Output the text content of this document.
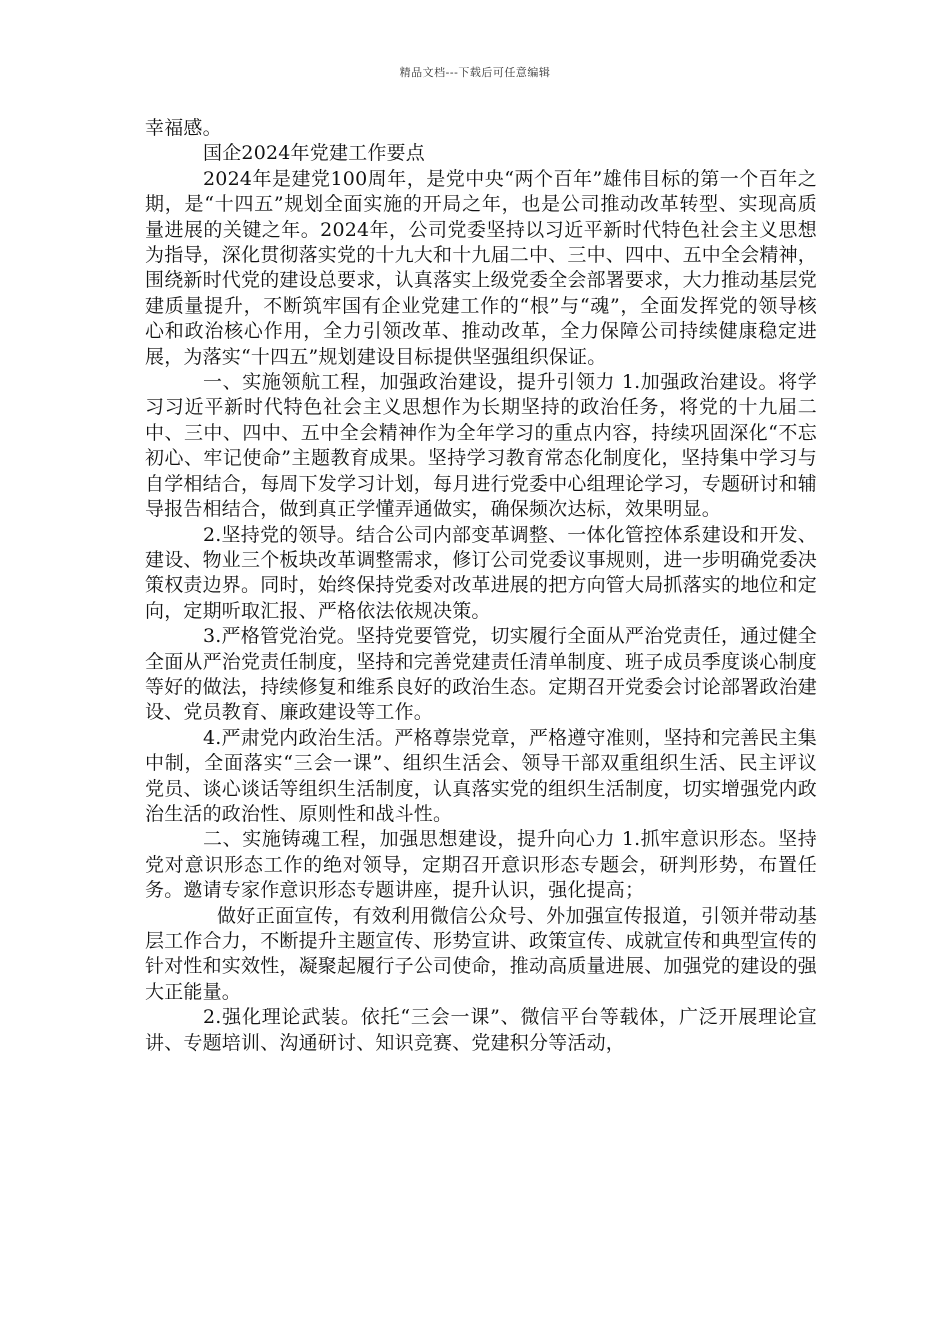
精品文档---下载后可任意编辑

幸福感。

国企2024年党建工作要点

2024年是建党100周年，是党中央“两个百年”雄伟目标的第一个百年之期，是“十四五”规划全面实施的开局之年，也是公司推动改革转型、实现高质量进展的关键之年。2024年，公司党委坚持以习近平新时代特色社会主义思想为指导，深化贯彻落实党的十九大和十九届二中、三中、四中、五中全会精神，围绕新时代党的建设总要求，认真落实上级党委全会部署要求，大力推动基层党建质量提升，不断筑牢国有企业党建工作的“根”与“魂”，全面发挥党的领导核心和政治核心作用，全力引领改革、推动改革，全力保障公司持续健康稳定进展，为落实“十四五”规划建设目标提供坚强组织保证。

一、实施领航工程，加强政治建设，提升引领力 1.加强政治建设。将学习习近平新时代特色社会主义思想作为长期坚持的政治任务，将党的十九届二中、三中、四中、五中全会精神作为全年学习的重点内容，持续巩固深化“不忘初心、牢记使命”主题教育成果。坚持学习教育常态化制度化，坚持集中学习与自学相结合，每周下发学习计划，每月进行党委中心组理论学习，专题研讨和辅导报告相结合，做到真正学懂弄通做实，确保频次达标，效果明显。

2.坚持党的领导。结合公司内部变革调整、一体化管控体系建设和开发、建设、物业三个板块改革调整需求，修订公司党委议事规则，进一步明确党委决策权责边界。同时，始终保持党委对改革进展的把方向管大局抓落实的地位和定向，定期听取汇报、严格依法依规决策。

3.严格管党治党。坚持党要管党，切实履行全面从严治党责任，通过健全全面从严治党责任制度，坚持和完善党建责任清单制度、班子成员季度谈心制度等好的做法，持续修复和维系良好的政治生态。定期召开党委会讨论部署政治建设、党员教育、廉政建设等工作。

4.严肃党内政治生活。严格尊崇党章，严格遵守准则，坚持和完善民主集中制，全面落实“三会一课”、组织生活会、领导干部双重组织生活、民主评议党员、谈心谈话等组织生活制度，认真落实党的组织生活制度，切实增强党内政治生活的政治性、原则性和战斗性。

二、实施铸魂工程，加强思想建设，提升向心力 1.抓牢意识形态。坚持党对意识形态工作的绝对领导，定期召开意识形态专题会，研判形势，布置任务。邀请专家作意识形态专题讲座，提升认识，强化提高；

做好正面宣传，有效利用微信公众号、外加强宣传报道，引领并带动基层工作合力，不断提升主题宣传、形势宣讲、政策宣传、成就宣传和典型宣传的针对性和实效性，凝聚起履行子公司使命，推动高质量进展、加强党的建设的强大正能量。

2.强化理论武装。依托“三会一课”、微信平台等载体，广泛开展理论宣讲、专题培训、沟通研讨、知识竞赛、党建积分等活动，
